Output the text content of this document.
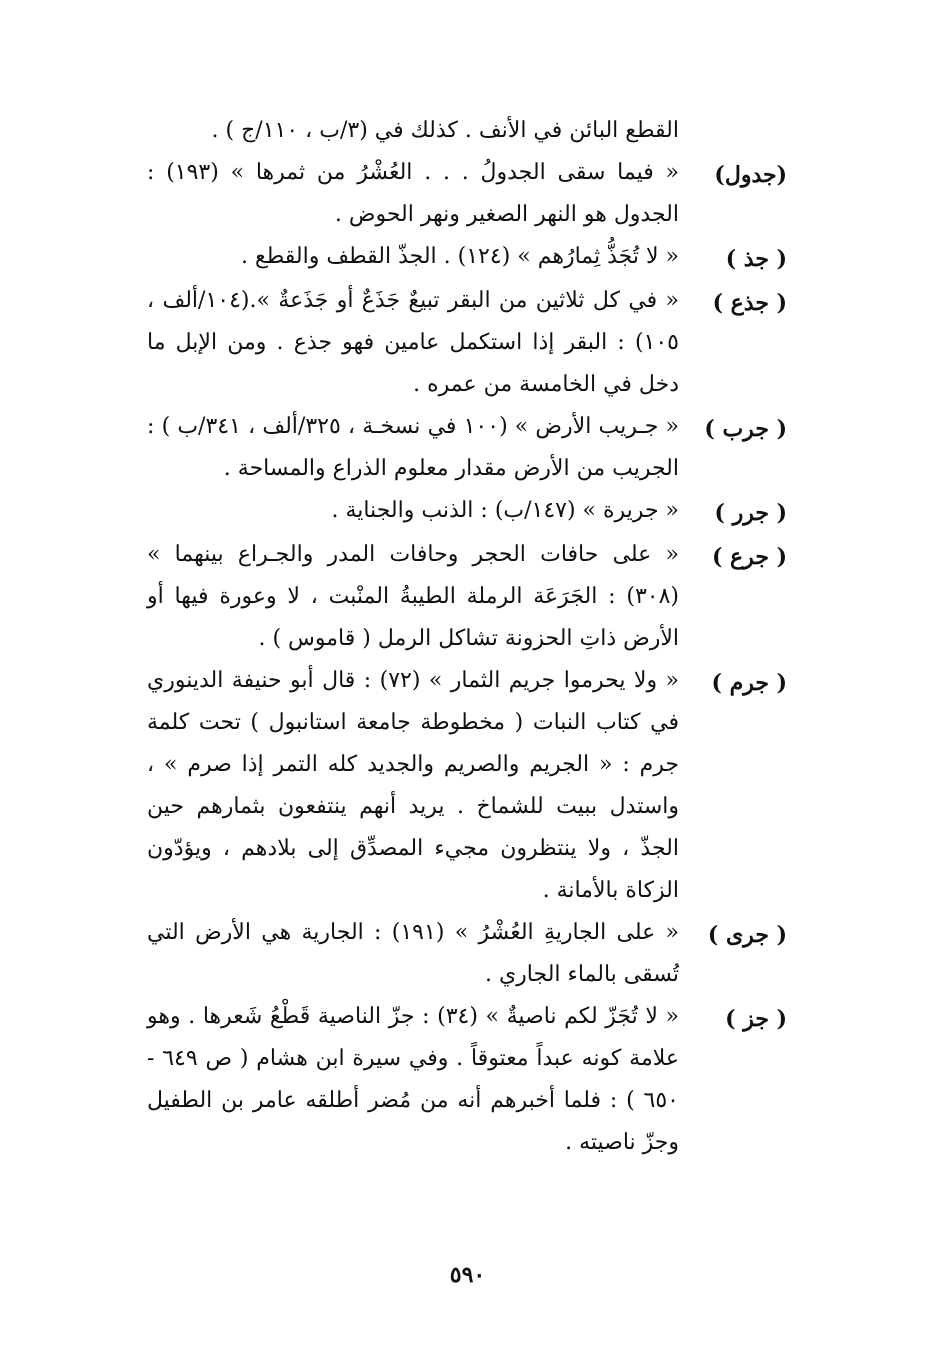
القطع البائن في الأنف . كذلك في (٣/ب ، ١١٠/ج ) .
(جدول)
« فيما سقى الجدولُ . . . العُشْرُ من ثمرها » (١٩٣) : الجدول هو النهر الصغير ونهر الحوض .
( جذ )
« لا تُجَذُّ ثِمارُهم » (١٢٤) . الجذّ القطف والقطع .
( جذع )
« في كل ثلاثين من البقر تبيعٌ جَذَعٌ أو جَذَعةٌ ».(١٠٤/ألف ، ١٠٥) : البقر إذا استكمل عامين فهو جذع . ومن الإبل ما دخل في الخامسة من عمره .
( جرب )
« جـريب الأرض » (١٠٠ في نسخـة ، ٣٢٥/ألف ، ٣٤١/ب ) : الجريب من الأرض مقدار معلوم الذراع والمساحة .
( جرر )
« جريرة » (١٤٧/ب) : الذنب والجناية .
( جرع )
« على حافات الحجر وحافات المدر والجـراع بينهما » (٣٠٨) : الجَرَعَة الرملة الطيبةُ المنْبت ، لا وعورة فيها أو الأرض ذاتِ الحزونة تشاكل الرمل ( قاموس ) .
( جرم )
« ولا يحرموا جريم الثمار » (٧٢) : قال أبو حنيفة الدينوري في كتاب النبات ( مخطوطة جامعة استانبول ) تحت كلمة جرم : « الجريم والصريم والجديد كله التمر إذا صرم » ، واستدل ببيت للشماخ . يريد أنهم ينتفعون بثمارهم حين الجذّ ، ولا ينتظرون مجيء المصدِّق إلى بلادهم ، ويؤدّون الزكاة بالأمانة .
( جرى )
« على الجاريةِ العُشْرُ » (١٩١) : الجارية هي الأرض التي تُسقى بالماء الجاري .
( جز )
« لا تُجَزّ لكم ناصيةٌ » (٣٤) : جزّ الناصية قَطْعُ شَعرها . وهو علامة كونه عبداً معتوقاً . وفي سيرة ابن هشام ( ص ٦٤٩ - ٦٥٠ ) : فلما أخبرهم أنه من مُضر أطلقه عامر بن الطفيل وجزّ ناصيته .
٥٩٠
